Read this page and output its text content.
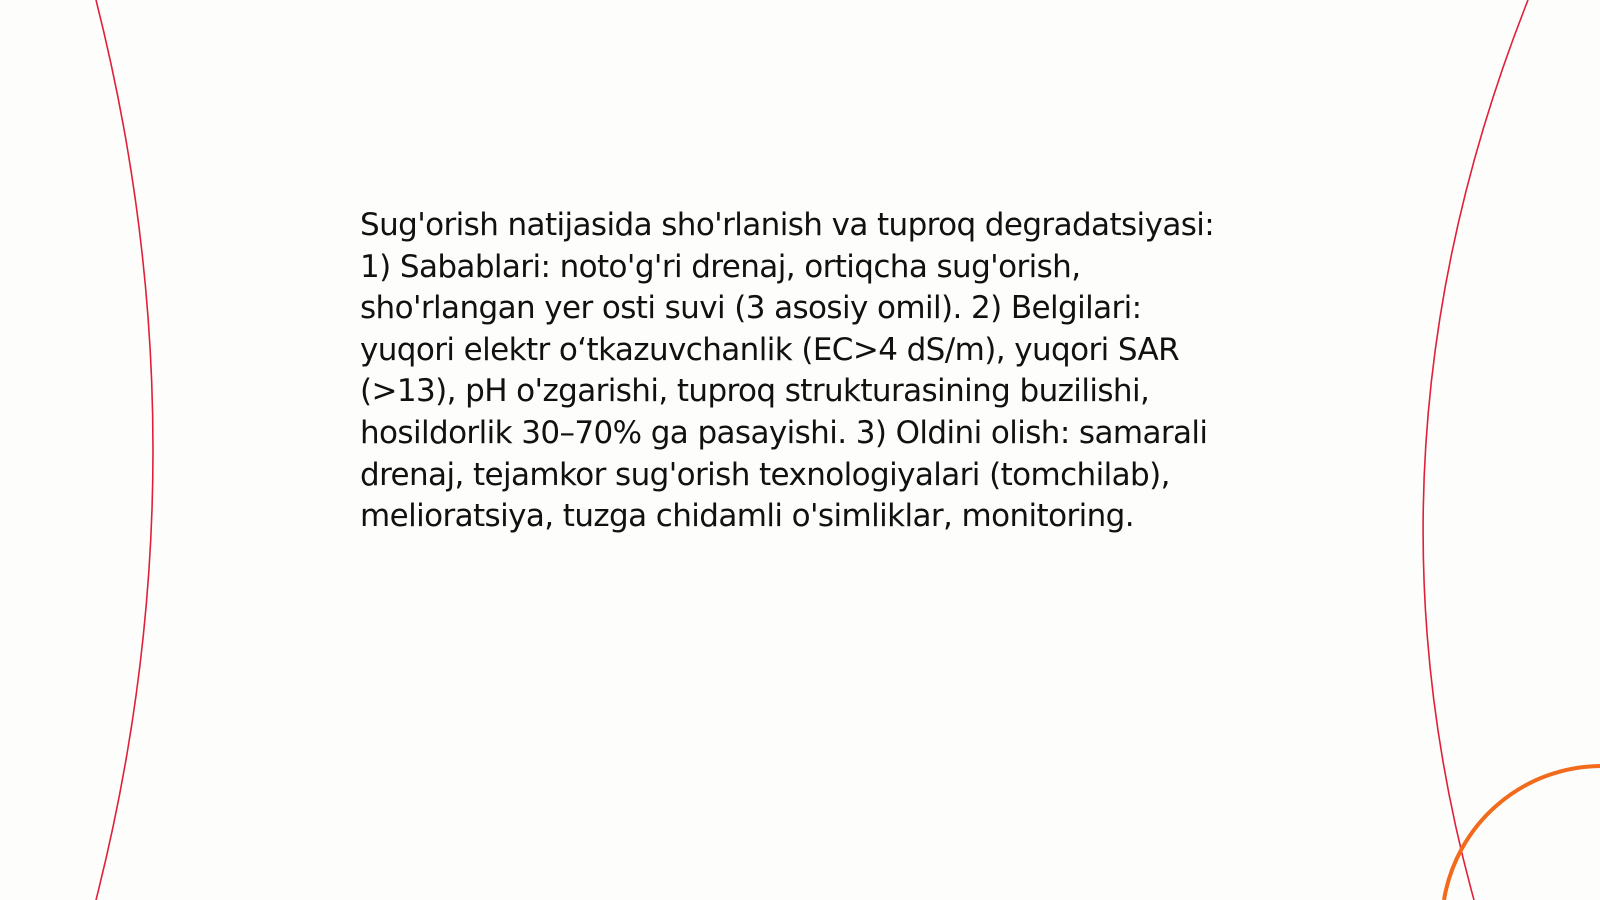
Sug'orish natijasida sho'rlanish va tuproq degradatsiyasi: 1) Sabablari: noto'g'ri drenaj, ortiqcha sug'orish, sho'rlangan yer osti suvi (3 asosiy omil). 2) Belgilari: yuqori elektr o‘tkazuvchanlik (EC>4 dS/m), yuqori SAR (>13), pH o'zgarishi, tuproq strukturasining buzilishi, hosildorlik 30–70% ga pasayishi. 3) Oldini olish: samarali drenaj, tejamkor sug'orish texnologiyalari (tomchilab), melioratsiya, tuzga chidamli o'simliklar, monitoring.
